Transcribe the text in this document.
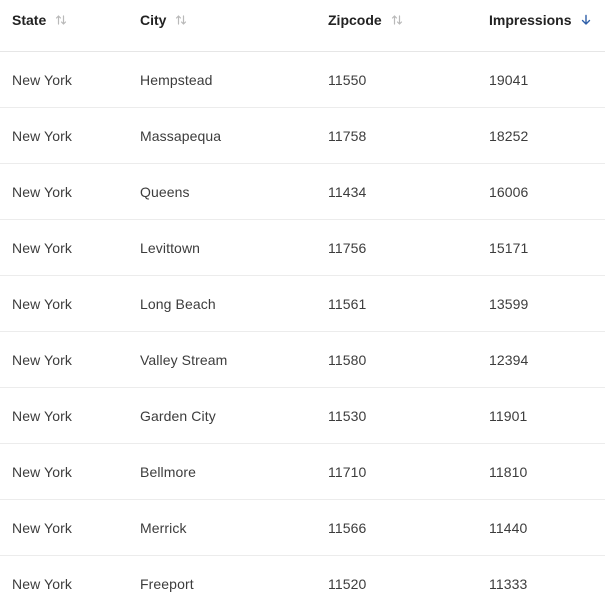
State	City	Zipcode	Impressions
New York	Hempstead	11550	19041
New York	Massapequa	11758	18252
New York	Queens	11434	16006
New York	Levittown	11756	15171
New York	Long Beach	11561	13599
New York	Valley Stream	11580	12394
New York	Garden City	11530	11901
New York	Bellmore	11710	11810
New York	Merrick	11566	11440
New York	Freeport	11520	11333
